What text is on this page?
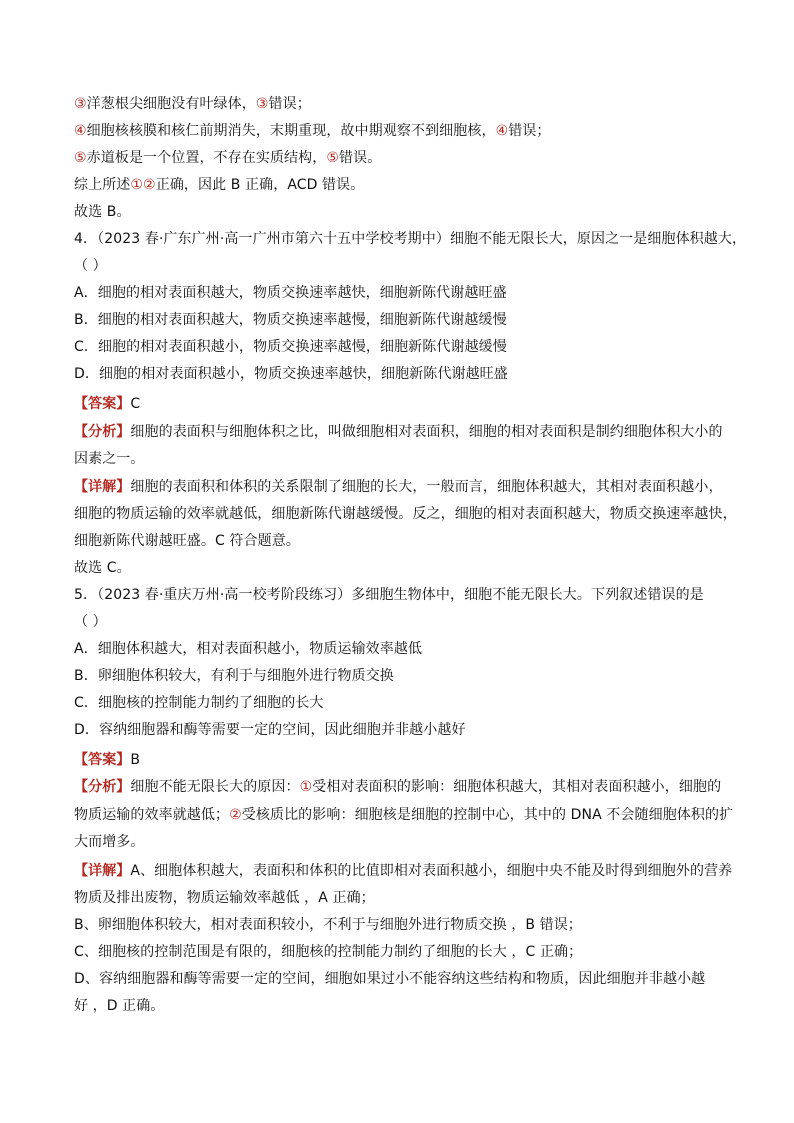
③洋葱根尖细胞没有叶绿体，③错误；
④细胞核核膜和核仁前期消失，末期重现，故中期观察不到细胞核，④错误；
⑤赤道板是一个位置，不存在实质结构，⑤错误。
综上所述①②正确，因此 B 正确，ACD 错误。
故选 B。
4．（2023 春·广东广州·高一广州市第六十五中学校考期中）细胞不能无限长大，原因之一是细胞体积越大，
（ ）
A．细胞的相对表面积越大，物质交换速率越快，细胞新陈代谢越旺盛
B．细胞的相对表面积越大，物质交换速率越慢，细胞新陈代谢越缓慢
C．细胞的相对表面积越小，物质交换速率越慢，细胞新陈代谢越缓慢
D．细胞的相对表面积越小，物质交换速率越快，细胞新陈代谢越旺盛
【答案】C
【分析】细胞的表面积与细胞体积之比，叫做细胞相对表面积，细胞的相对表面积是制约细胞体积大小的
因素之一。
【详解】细胞的表面积和体积的关系限制了细胞的长大，一般而言，细胞体积越大，其相对表面积越小，
细胞的物质运输的效率就越低，细胞新陈代谢越缓慢。反之，细胞的相对表面积越大，物质交换速率越快，
细胞新陈代谢越旺盛。C 符合题意。
故选 C。
5．（2023 春·重庆万州·高一校考阶段练习）多细胞生物体中，细胞不能无限长大。下列叙述错误的是
（ ）
A．细胞体积越大，相对表面积越小，物质运输效率越低
B．卵细胞体积较大，有利于与细胞外进行物质交换
C．细胞核的控制能力制约了细胞的长大
D．容纳细胞器和酶等需要一定的空间，因此细胞并非越小越好
【答案】B
【分析】细胞不能无限长大的原因：①受相对表面积的影响：细胞体积越大，其相对表面积越小，细胞的
物质运输的效率就越低；②受核质比的影响：细胞核是细胞的控制中心，其中的 DNA 不会随细胞体积的扩
大而增多。
【详解】A、细胞体积越大，表面积和体积的比值即相对表面积越小，细胞中央不能及时得到细胞外的营养
物质及排出废物，物质运输效率越低 ，A 正确；
B、卵细胞体积较大，相对表面积较小，不利于与细胞外进行物质交换 ，B 错误；
C、细胞核的控制范围是有限的，细胞核的控制能力制约了细胞的长大 ，C 正确；
D、容纳细胞器和酶等需要一定的空间，细胞如果过小不能容纳这些结构和物质，因此细胞并非越小越
好 ，D 正确。
